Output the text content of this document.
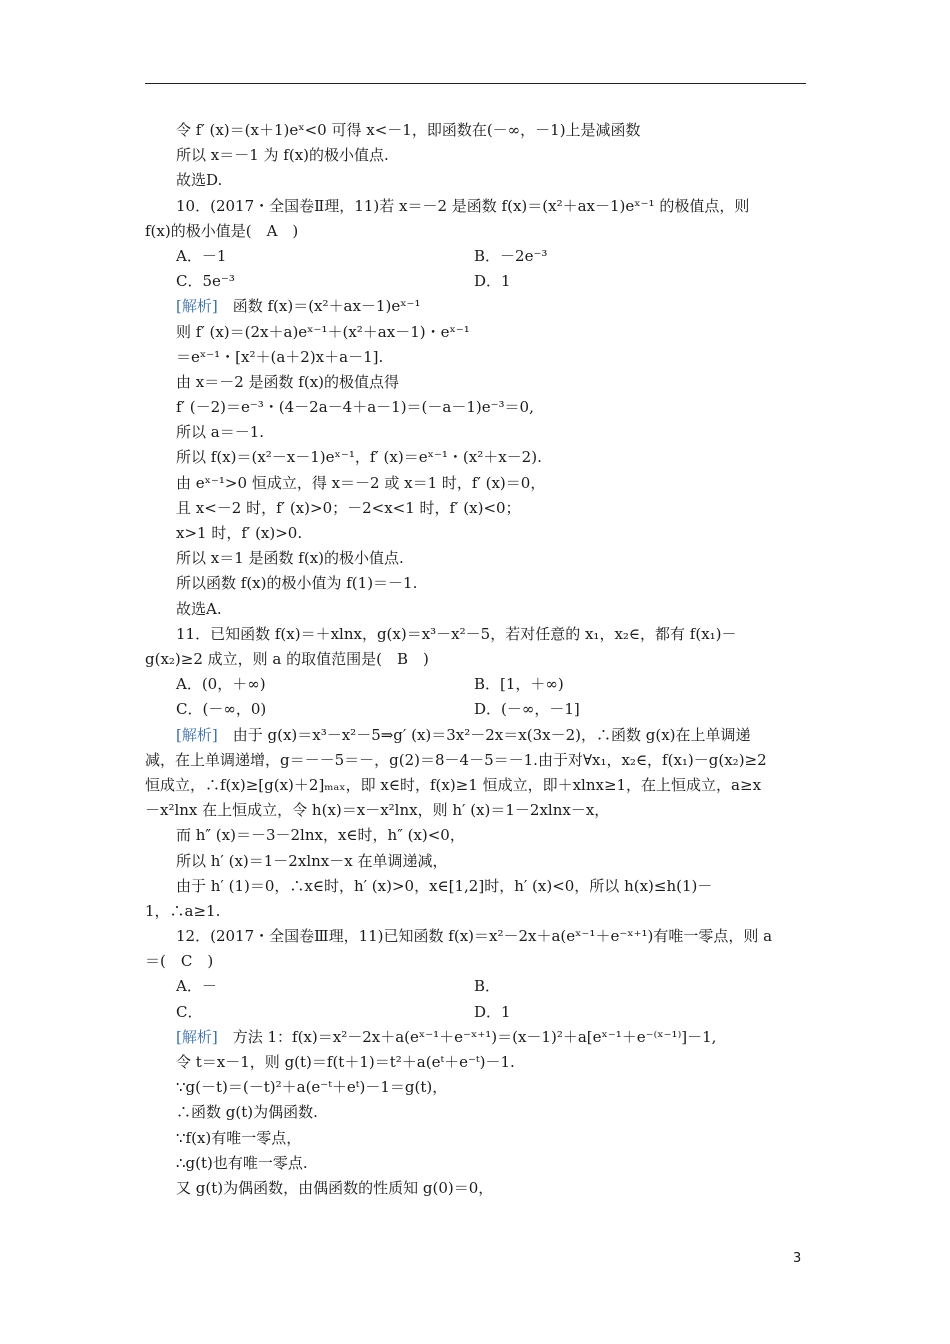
令 f′ (x)＝(x＋1)eˣ<0 可得 x<－1，即函数在(－∞，－1)上是减函数
所以 x＝－1 为 f(x)的极小值点.
故选D.
10．(2017・全国卷Ⅱ理，11)若 x＝－2 是函数 f(x)＝(x²＋ax－1)eˣ⁻¹ 的极值点，则
f(x)的极小值是(　A　)
A．－1	B．－2e⁻³
C．5e⁻³	D．1
[解析]　函数 f(x)＝(x²＋ax－1)eˣ⁻¹
则 f′ (x)＝(2x＋a)eˣ⁻¹＋(x²＋ax－1)・eˣ⁻¹
＝eˣ⁻¹・[x²＋(a＋2)x＋a－1].
由 x＝－2 是函数 f(x)的极值点得
f′ (－2)＝e⁻³・(4－2a－4＋a－1)＝(－a－1)e⁻³＝0,
所以 a＝－1.
所以 f(x)＝(x²－x－1)eˣ⁻¹，f′ (x)＝eˣ⁻¹・(x²＋x－2).
由 eˣ⁻¹>0 恒成立，得 x＝－2 或 x＝1 时，f′ (x)＝0，
且 x<－2 时，f′ (x)>0；－2<x<1 时，f′ (x)<0；
x>1 时，f′ (x)>0.
所以 x＝1 是函数 f(x)的极小值点.
所以函数 f(x)的极小值为 f(1)＝－1.
故选A.
11．已知函数 f(x)＝＋xlnx，g(x)＝x³－x²－5，若对任意的 x₁，x₂∈，都有 f(x₁)－
g(x₂)≥2 成立，则 a 的取值范围是(　B　)
A．(0，＋∞)	B．[1，＋∞)
C．(－∞，0)	D．(－∞，－1]
[解析]　由于 g(x)＝x³－x²－5⇒g′ (x)＝3x²－2x＝x(3x－2)，∴函数 g(x)在上单调递
减，在上单调递增，g＝－－5＝－，g(2)＝8－4－5＝－1.由于对∀x₁，x₂∈，f(x₁)－g(x₂)≥2
恒成立，∴f(x)≥[g(x)＋2]ₘₐₓ，即 x∈时，f(x)≥1 恒成立，即＋xlnx≥1，在上恒成立，a≥x
－x²lnx 在上恒成立，令 h(x)＝x－x²lnx，则 h′ (x)＝1－2xlnx－x，
而 h″ (x)＝－3－2lnx，x∈时，h″ (x)<0，
所以 h′ (x)＝1－2xlnx－x 在单调递减，
由于 h′ (1)＝0，∴x∈时，h′ (x)>0，x∈[1,2]时，h′ (x)<0，所以 h(x)≤h(1)－
1，∴a≥1.
12．(2017・全国卷Ⅲ理，11)已知函数 f(x)＝x²－2x＋a(eˣ⁻¹＋e⁻ˣ⁺¹)有唯一零点，则 a
＝(　C　)
A．－	B．
C．	D．1
[解析]　方法 1：f(x)＝x²－2x＋a(eˣ⁻¹＋e⁻ˣ⁺¹)＝(x－1)²＋a[eˣ⁻¹＋e⁻⁽ˣ⁻¹⁾]－1,
令 t＝x－1，则 g(t)＝f(t＋1)＝t²＋a(eᵗ＋e⁻ᵗ)－1.
∵g(－t)＝(－t)²＋a(e⁻ᵗ＋eᵗ)－1＝g(t)，
∴函数 g(t)为偶函数.
∵f(x)有唯一零点，
∴g(t)也有唯一零点.
又 g(t)为偶函数，由偶函数的性质知 g(0)＝0，
3
